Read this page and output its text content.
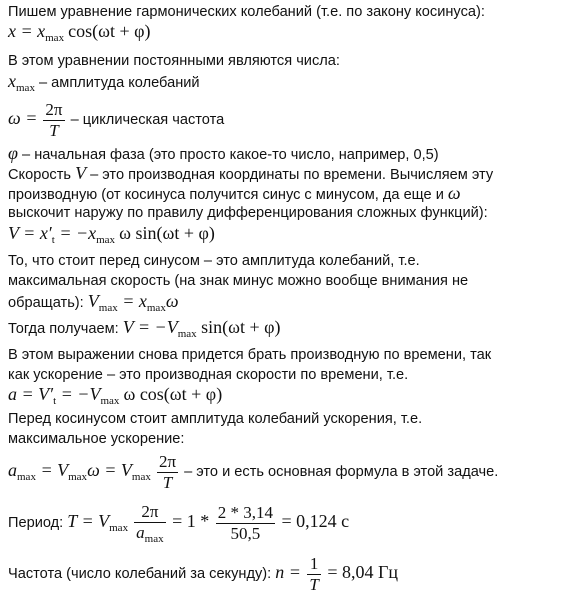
Пишем уравнение гармонических колебаний (т.е. по закону косинуса):
$x = x_{max}$ cos(ωt + φ)
В этом уравнении постоянными являются числа:
$x_{max}$ – амплитуда колебаний
$\omega = \frac{2\pi}{T}$ – циклическая частота
φ – начальная фаза (это просто какое-то число, например, 0,5)
Скорость V – это производная координаты по времени. Вычисляем эту
производную (от косинуса получится синус с минусом, да еще и ω
выскочит наружу по правилу дифференцирования сложных функций):
$V = x'_t = -x_{max}$ ω sin(ωt + φ)
То, что стоит перед синусом – это амплитуда колебаний, т.е.
максимальная скорость (на знак минус можно вообще внимания не
обращать): $V_{max} = x_{max}\omega$
Тогда получаем: $V = -V_{max}$ sin(ωt + φ)
В этом выражении снова придется брать производную по времени, так
как ускорение – это производная скорости по времени, т.е.
$a = V'_t = -V_{max}$ ω cos(ωt + φ)
Перед косинусом стоит амплитуда колебаний ускорения, т.е.
максимальное ускорение:
$a_{max} = V_{max}\omega = V_{max} \frac{2\pi}{T}$ – это и есть основная формула в этой задаче.
Период: $T = V_{max} \frac{2\pi}{a_{max}} = 1 * \frac{2 * 3,14}{50,5} = 0,124$ c
Частота (число колебаний за секунду): $n = \frac{1}{T} = 8,04$ Гц
